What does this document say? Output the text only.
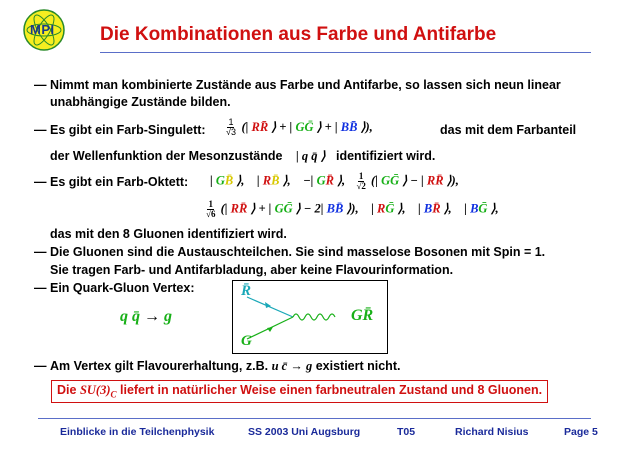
MPI Die Kombinationen aus Farbe und Antifarbe
— Nimmt man kombinierte Zustände aus Farbe und Antifarbe, so lassen sich neun linear
unabhängige Zustände bilden.
— Es gibt ein Farb-Singulett: $\frac{1}{√3}$ (| RR̄ ⟩ + | GḠ ⟩ + | BB̄ ⟩),	das mit dem Farbanteil
der Wellenfunktion der Mesonzustände | q q̄ ⟩ identifiziert wird.
— Es gibt ein Farb-Oktett: | GB̄ ⟩,    | RB̄ ⟩,    −| GR̄ ⟩, $\frac{1}{√2}$ (| GḠ ⟩ − | RR̄ ⟩),
$\frac{1}{√6}$ (| RR̄ ⟩ + | GḠ ⟩ − 2| BB̄ ⟩),    | RḠ ⟩,    | BR̄ ⟩,    | BḠ ⟩,
das mit den 8 Gluonen identifiziert wird.
— Die Gluonen sind die Austauschteilchen. Sie sind masselose Bosonen mit Spin = 1.
Sie tragen Farb- und Antifarbladung, aber keine Flavourinformation.
— Ein Quark-Gluon Vertex:
q q̄ → g
R̄
G
GR̄
— Am Vertex gilt Flavourerhaltung, z.B. u c̄ → g existiert nicht.
Die $SU(3)_C$ liefert in natürlicher Weise einen farbneutralen Zustand und 8 Gluonen.
Einblicke in die Teilchenphysik	SS 2003 Uni Augsburg	T05	Richard Nisius	Page 5
